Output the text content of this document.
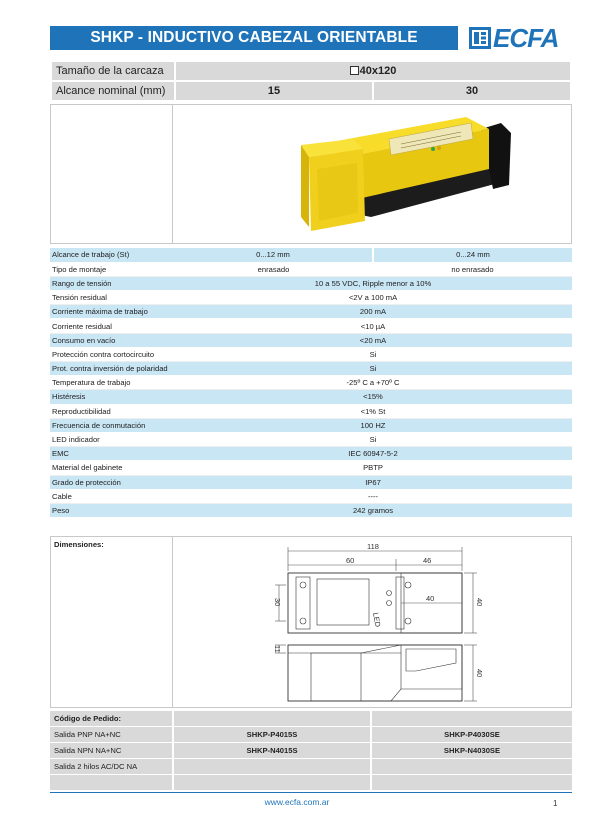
SHKP - INDUCTIVO CABEZAL ORIENTABLE	ECFA
Tamaño de la carcaza	40x120	
Alcance nominal (mm)	15	30
Alcance de trabajo (St)	0...12 mm	0...24 mm
Tipo de montaje	enrasado	no enrasado
Rango de tensión	10 a 55 VDC, Ripple menor a 10%	
Tensión residual	<2V a 100 mA	
Corriente máxima de trabajo	200 mA	
Corriente residual	<10 µA	
Consumo en vacío	<20 mA	
Protección contra cortocircuito	Si	
Prot. contra inversión de polaridad	Si	
Temperatura de trabajo	-25º C a +70º C	
Histéresis	<15%	
Reproductibilidad	<1% St	
Frecuencia de conmutación	100 HZ	
LED indicador	Si	
EMC	IEC 60947-5-2	
Material del gabinete	PBTP	
Grado de protección	IP67	
Cable	----	
Peso	242 gramos	
Dimensiones:	118
60	46
LED
30	40	40
11
40
Código de Pedido:				
Salida PNP NA+NC		SHKP-P4015S		SHKP-P4030SE
Salida NPN NA+NC		SHKP-N4015S		SHKP-N4030SE
Salida 2 hilos AC/DC NA				

www.ecfa.com.ar	1
